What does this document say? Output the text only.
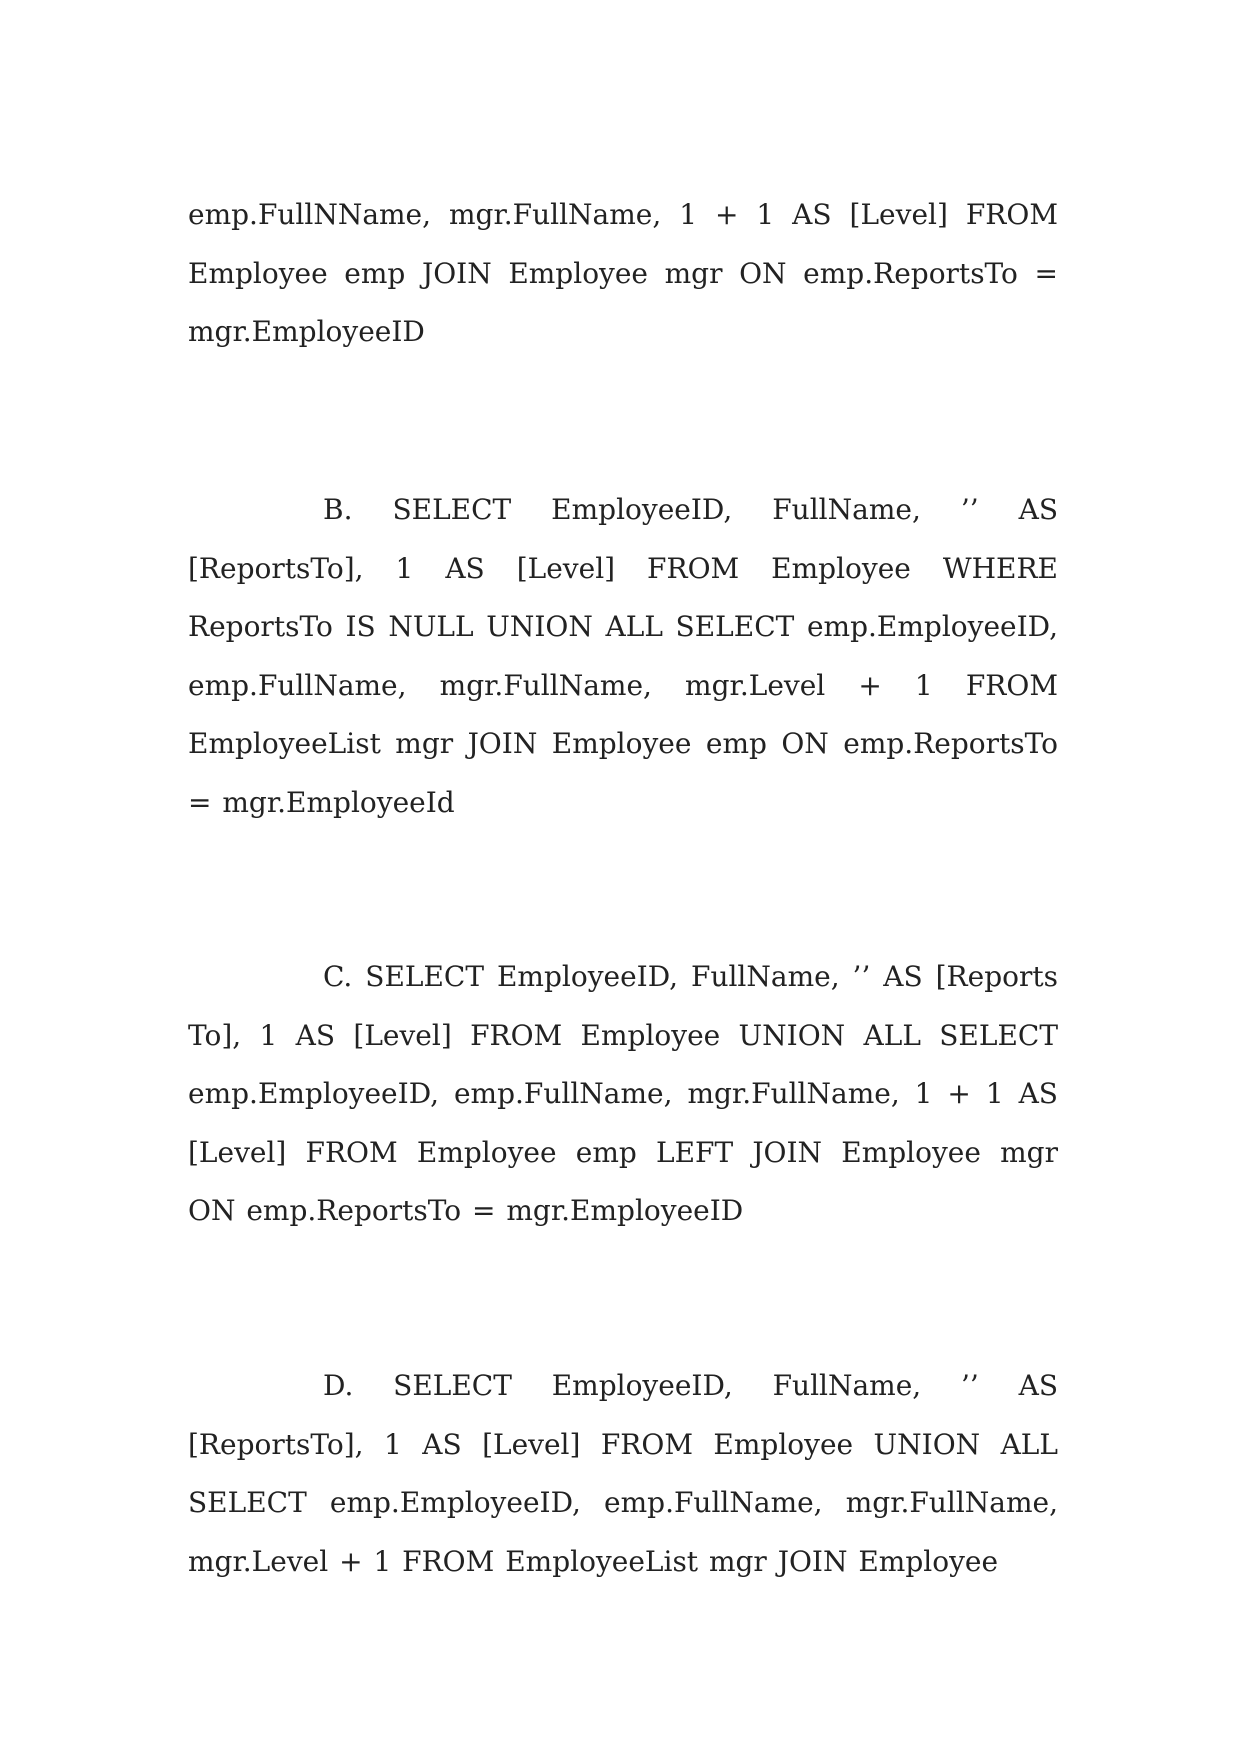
emp.FullNName, mgr.FullName, 1 + 1 AS [Level] FROM Employee emp JOIN Employee mgr ON emp.ReportsTo = mgr.EmployeeID

B. SELECT EmployeeID, FullName, ’’ AS [ReportsTo], 1 AS [Level] FROM Employee WHERE ReportsTo IS NULL UNION ALL SELECT emp.EmployeeID, emp.FullName, mgr.FullName, mgr.Level + 1 FROM EmployeeList mgr JOIN Employee emp ON emp.ReportsTo = mgr.EmployeeId

C. SELECT EmployeeID, FullName, ’’ AS [Reports To], 1 AS [Level] FROM Employee UNION ALL SELECT emp.EmployeeID, emp.FullName, mgr.FullName, 1 + 1 AS [Level] FROM Employee emp LEFT JOIN Employee mgr ON emp.ReportsTo = mgr.EmployeeID

D. SELECT EmployeeID, FullName, ’’ AS [ReportsTo], 1 AS [Level] FROM Employee UNION ALL SELECT emp.EmployeeID, emp.FullName, mgr.FullName, mgr.Level + 1 FROM EmployeeList mgr JOIN Employee
